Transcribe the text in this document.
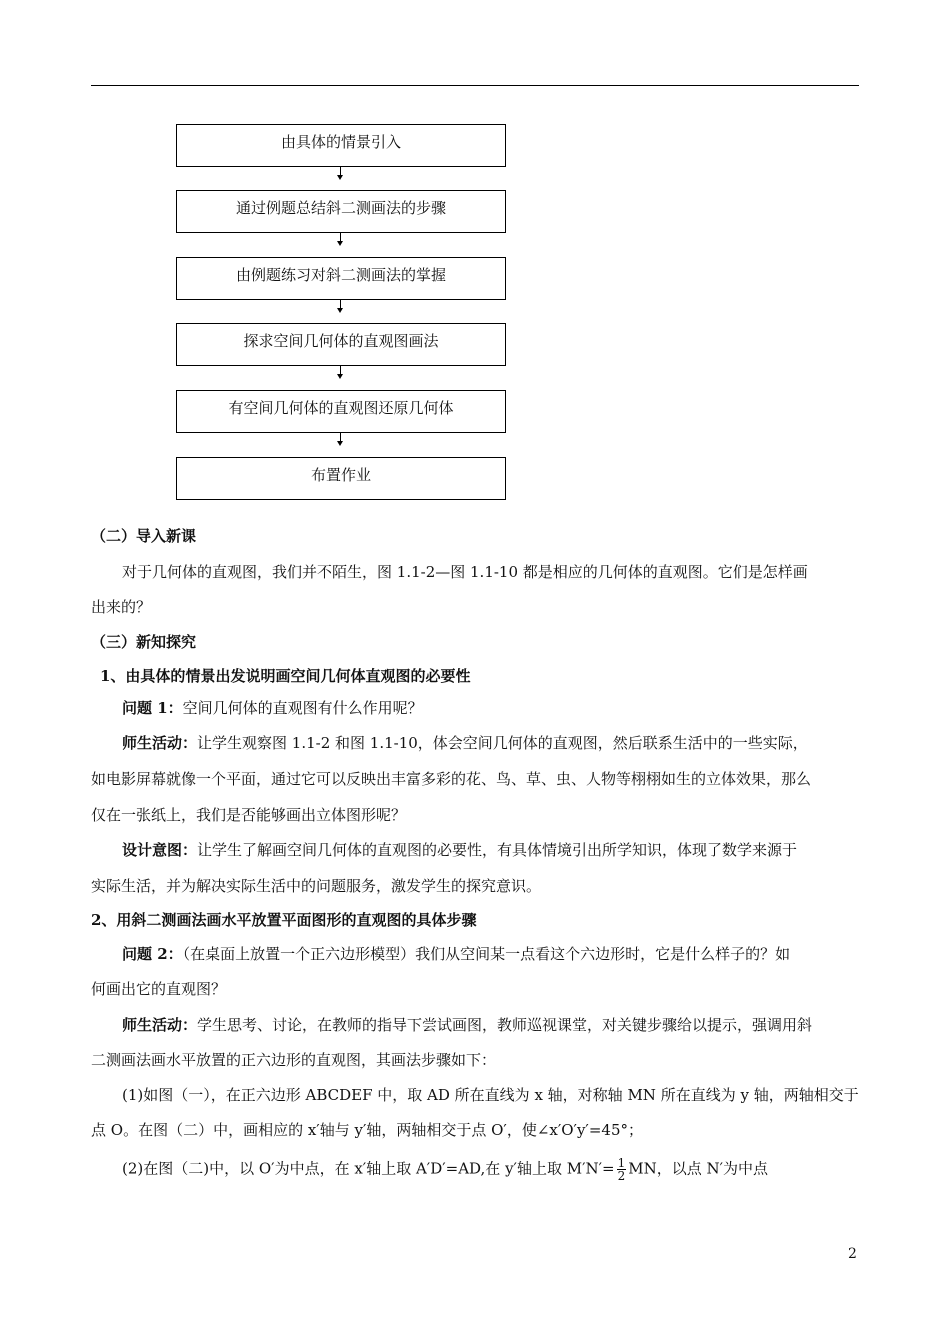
由具体的情景引入
通过例题总结斜二测画法的步骤
由例题练习对斜二测画法的掌握
探求空间几何体的直观图画法
有空间几何体的直观图还原几何体
布置作业
（二）导入新课
对于几何体的直观图，我们并不陌生，图 1.1-2—图 1.1-10 都是相应的几何体的直观图。它们是怎样画
出来的？
（三）新知探究
1、由具体的情景出发说明画空间几何体直观图的必要性
问题 1：空间几何体的直观图有什么作用呢？
师生活动：让学生观察图 1.1-2 和图 1.1-10，体会空间几何体的直观图，然后联系生活中的一些实际，
如电影屏幕就像一个平面，通过它可以反映出丰富多彩的花、鸟、草、虫、人物等栩栩如生的立体效果，那么
仅在一张纸上，我们是否能够画出立体图形呢？
设计意图：让学生了解画空间几何体的直观图的必要性，有具体情境引出所学知识，体现了数学来源于
实际生活，并为解决实际生活中的问题服务，激发学生的探究意识。
2、用斜二测画法画水平放置平面图形的直观图的具体步骤
问题 2：（在桌面上放置一个正六边形模型）我们从空间某一点看这个六边形时，它是什么样子的？如
何画出它的直观图？
师生活动：学生思考、讨论，在教师的指导下尝试画图，教师巡视课堂，对关键步骤给以提示，强调用斜
二测画法画水平放置的正六边形的直观图，其画法步骤如下：
(1)如图（一），在正六边形 ABCDEF 中，取 AD 所在直线为 x 轴，对称轴 MN 所在直线为 y 轴，两轴相交于
点 O。在图（二）中，画相应的 x′轴与 y′轴，两轴相交于点 O′，使∠x′O′y′=45°；
(2)在图（二)中，以 O′为中点，在 x′轴上取 A′D′=AD,在 y′轴上取 $M'N'= \frac{1}{2}$ MN，以点 N′为中点
2
